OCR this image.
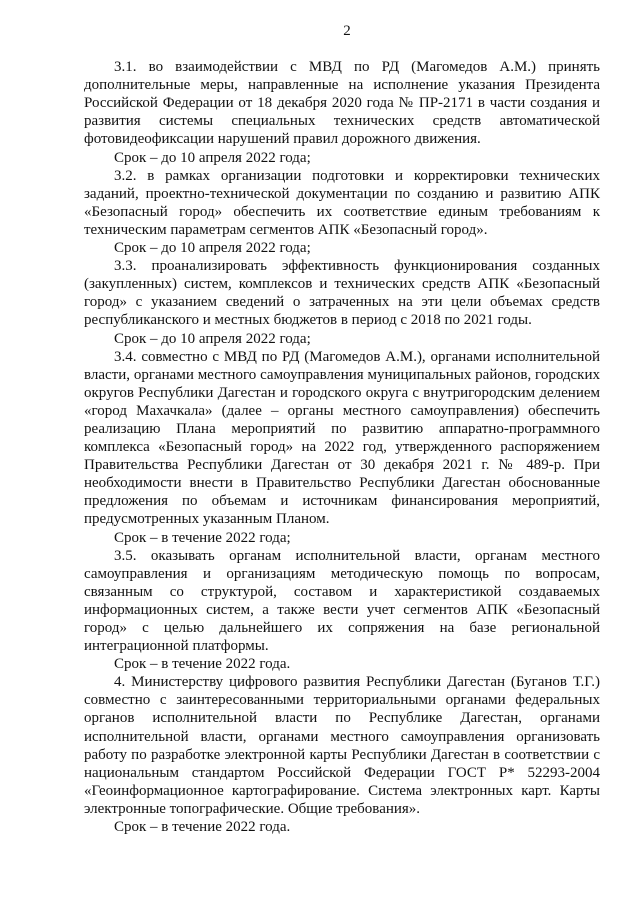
2

3.1. во взаимодействии с МВД по РД (Магомедов А.М.) принять дополнительные меры, направленные на исполнение указания Президента Российской Федерации от 18 декабря 2020 года № ПР-2171 в части создания и развития системы специальных технических средств автоматической фотовидеофиксации нарушений правил дорожного движения.

Срок – до 10 апреля 2022 года;

3.2. в рамках организации подготовки и корректировки технических заданий, проектно-технической документации по созданию и развитию АПК «Безопасный город» обеспечить их соответствие единым требованиям к техническим параметрам сегментов АПК «Безопасный город».

Срок – до 10 апреля 2022 года;

3.3. проанализировать эффективность функционирования созданных (закупленных) систем, комплексов и технических средств АПК «Безопасный город» с указанием сведений о затраченных на эти цели объемах средств республиканского и местных бюджетов в период с 2018 по 2021 годы.

Срок – до 10 апреля 2022 года;

3.4. совместно с МВД по РД (Магомедов А.М.), органами исполнительной власти, органами местного самоуправления муниципальных районов, городских округов Республики Дагестан и городского округа с внутригородским делением «город Махачкала» (далее – органы местного самоуправления) обеспечить реализацию Плана мероприятий по развитию аппаратно-программного комплекса «Безопасный город» на 2022 год, утвержденного распоряжением Правительства Республики Дагестан от 30 декабря 2021 г. № 489-р. При необходимости внести в Правительство Республики Дагестан обоснованные предложения по объемам и источникам финансирования мероприятий, предусмотренных указанным Планом.

Срок – в течение 2022 года;

3.5. оказывать органам исполнительной власти, органам местного самоуправления и организациям методическую помощь по вопросам, связанным со структурой, составом и характеристикой создаваемых информационных систем, а также вести учет сегментов АПК «Безопасный город» с целью дальнейшего их сопряжения на базе региональной интеграционной платформы.

Срок – в течение 2022 года.

4. Министерству цифрового развития Республики Дагестан (Буганов Т.Г.) совместно с заинтересованными территориальными органами федеральных органов исполнительной власти по Республике Дагестан, органами исполнительной власти, органами местного самоуправления организовать работу по разработке электронной карты Республики Дагестан в соответствии с национальным стандартом Российской Федерации ГОСТ Р* 52293-2004 «Геоинформационное картографирование. Система электронных карт. Карты электронные топографические. Общие требования».

Срок – в течение 2022 года.
